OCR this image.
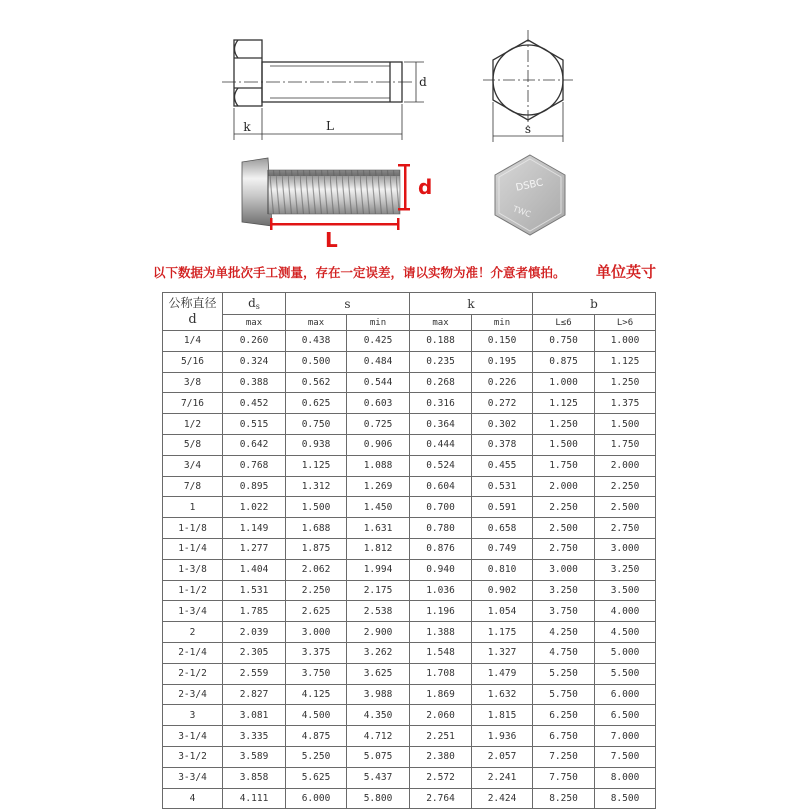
k	L
d
s
d
L
DSBC
TWC
以下数据为单批次手工测量，存在一定误差，请以实物为准！介意者慎拍。 单位英寸
公称直径
d	$d_s$	s		k		b	
	max	max	min	max	min	L≤6	L>6
1/4	0.260	0.438	0.425	0.188	0.150	0.750	1.000
5/16	0.324	0.500	0.484	0.235	0.195	0.875	1.125
3/8	0.388	0.562	0.544	0.268	0.226	1.000	1.250
7/16	0.452	0.625	0.603	0.316	0.272	1.125	1.375
1/2	0.515	0.750	0.725	0.364	0.302	1.250	1.500
5/8	0.642	0.938	0.906	0.444	0.378	1.500	1.750
3/4	0.768	1.125	1.088	0.524	0.455	1.750	2.000
7/8	0.895	1.312	1.269	0.604	0.531	2.000	2.250
1	1.022	1.500	1.450	0.700	0.591	2.250	2.500
1-1/8	1.149	1.688	1.631	0.780	0.658	2.500	2.750
1-1/4	1.277	1.875	1.812	0.876	0.749	2.750	3.000
1-3/8	1.404	2.062	1.994	0.940	0.810	3.000	3.250
1-1/2	1.531	2.250	2.175	1.036	0.902	3.250	3.500
1-3/4	1.785	2.625	2.538	1.196	1.054	3.750	4.000
2	2.039	3.000	2.900	1.388	1.175	4.250	4.500
2-1/4	2.305	3.375	3.262	1.548	1.327	4.750	5.000
2-1/2	2.559	3.750	3.625	1.708	1.479	5.250	5.500
2-3/4	2.827	4.125	3.988	1.869	1.632	5.750	6.000
3	3.081	4.500	4.350	2.060	1.815	6.250	6.500
3-1/4	3.335	4.875	4.712	2.251	1.936	6.750	7.000
3-1/2	3.589	5.250	5.075	2.380	2.057	7.250	7.500
3-3/4	3.858	5.625	5.437	2.572	2.241	7.750	8.000
4	4.111	6.000	5.800	2.764	2.424	8.250	8.500
